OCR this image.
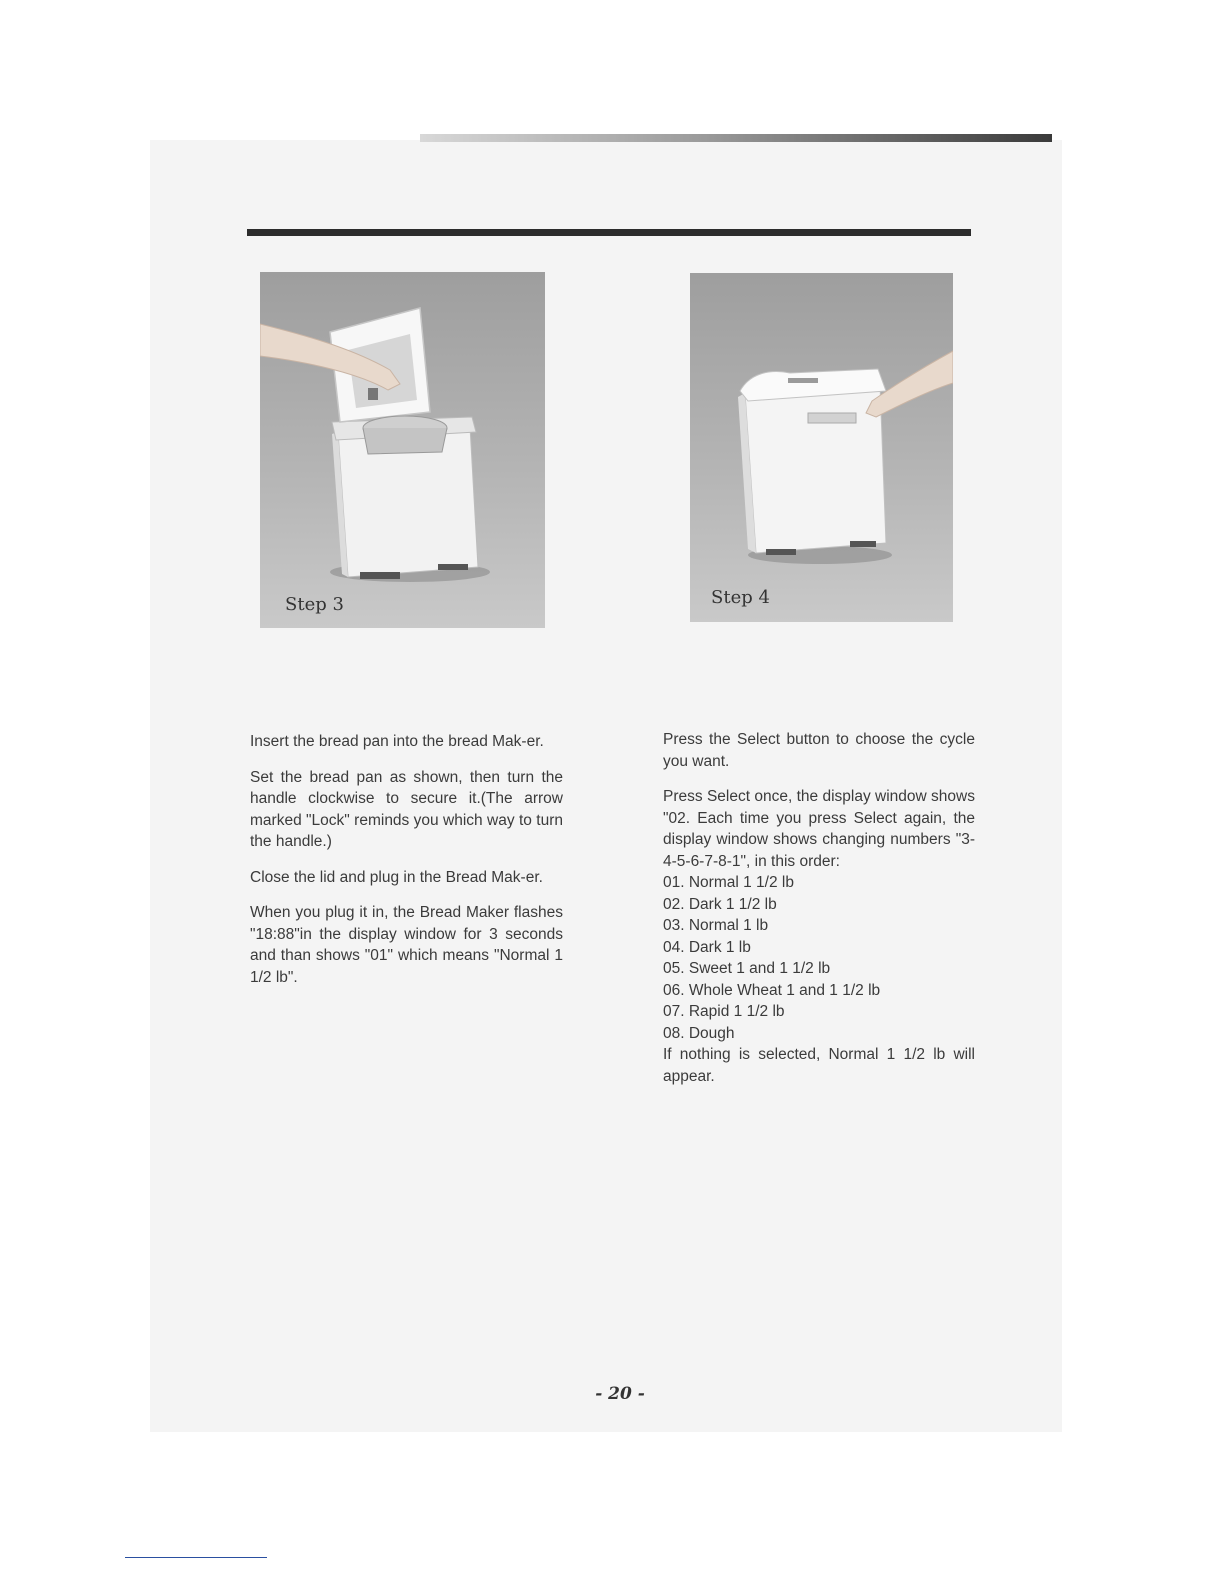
Step 3	Step 4

Insert the bread pan into the bread Mak-er.

Set the bread pan as shown, then turn the handle clockwise to secure it.(The arrow marked "Lock" reminds you which way to turn the handle.)

Close the lid and plug in the Bread Mak-er.

When you plug it in, the Bread Maker flashes "18:88"in the display window for 3 seconds and than shows "01" which means "Normal 1 1/2 lb".

Press the Select button to choose the cycle you want.

Press Select once, the display window shows "02. Each time you press Select again, the display window shows changing numbers "3-4-5-6-7-8-1", in this order:

01. Normal 1 1/2 lb
02. Dark 1 1/2 lb
03. Normal 1 lb
04. Dark 1 lb
05. Sweet 1 and 1 1/2 lb
06. Whole Wheat 1 and 1 1/2 lb
07. Rapid 1 1/2 lb
08. Dough

If nothing is selected, Normal 1 1/2 lb will appear.

- 20 -
